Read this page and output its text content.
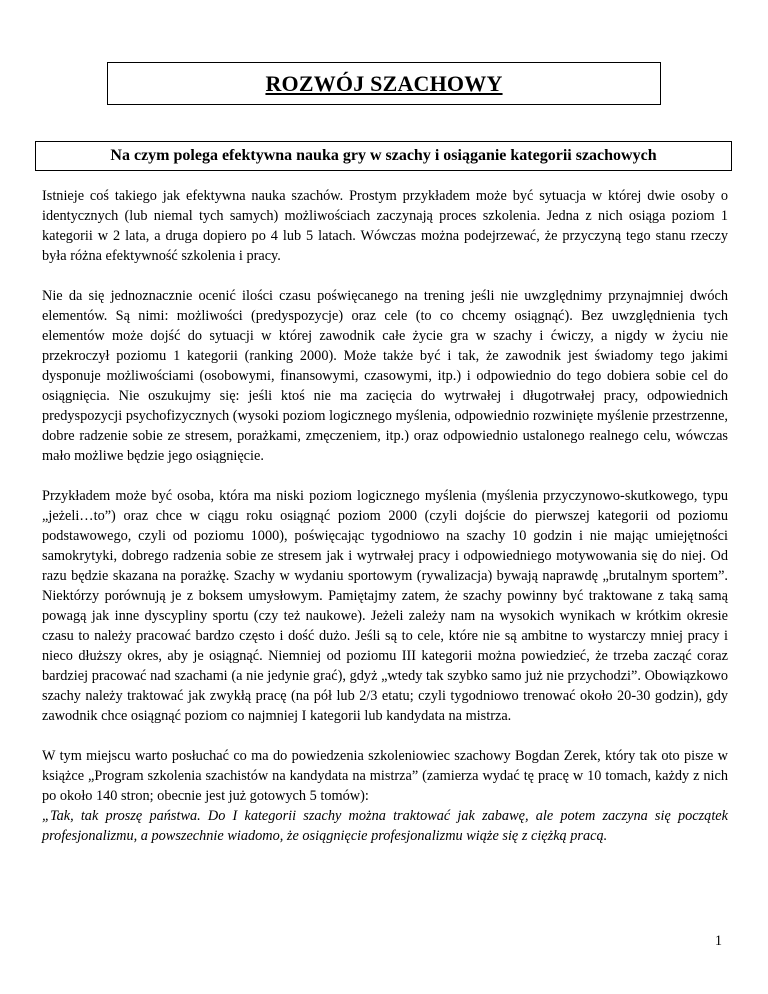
ROZWÓJ SZACHOWY
Na czym polega efektywna nauka gry w szachy i osiąganie kategorii szachowych

Istnieje coś takiego jak efektywna nauka szachów. Prostym przykładem może być sytuacja w której dwie osoby o identycznych (lub niemal tych samych) możliwościach zaczynają proces szkolenia. Jedna z nich osiąga poziom 1 kategorii w 2 lata, a druga dopiero po 4 lub 5 latach. Wówczas można podejrzewać, że przyczyną tego stanu rzeczy była różna efektywność szkolenia i pracy.

Nie da się jednoznacznie ocenić ilości czasu poświęcanego na trening jeśli nie uwzględnimy przynajmniej dwóch elementów. Są nimi: możliwości (predyspozycje) oraz cele (to co chcemy osiągnąć). Bez uwzględnienia tych elementów może dojść do sytuacji w której zawodnik całe życie gra w szachy i ćwiczy, a nigdy w życiu nie przekroczył poziomu 1 kategorii (ranking 2000). Może także być i tak, że zawodnik jest świadomy tego jakimi dysponuje możliwościami (osobowymi, finansowymi, czasowymi, itp.) i odpowiednio do tego dobiera sobie cel do osiągnięcia. Nie oszukujmy się: jeśli ktoś nie ma zacięcia do wytrwałej i długotrwałej pracy, odpowiednich predyspozycji psychofizycznych (wysoki poziom logicznego myślenia, odpowiednio rozwinięte myślenie przestrzenne, dobre radzenie sobie ze stresem, porażkami, zmęczeniem, itp.) oraz odpowiednio ustalonego realnego celu, wówczas mało możliwe będzie jego osiągnięcie.

Przykładem może być osoba, która ma niski poziom logicznego myślenia (myślenia przyczynowo-skutkowego, typu „jeżeli…to”) oraz chce w ciągu roku osiągnąć poziom 2000 (czyli dojście do pierwszej kategorii od poziomu podstawowego, czyli od poziomu 1000), poświęcając tygodniowo na szachy 10 godzin i nie mając umiejętności samokrytyki, dobrego radzenia sobie ze stresem jak i wytrwałej pracy i odpowiedniego motywowania się do niej. Od razu będzie skazana na porażkę. Szachy w wydaniu sportowym (rywalizacja) bywają naprawdę „brutalnym sportem”. Niektórzy porównują je z boksem umysłowym. Pamiętajmy zatem, że szachy powinny być traktowane z taką samą powagą jak inne dyscypliny sportu (czy też naukowe). Jeżeli zależy nam na wysokich wynikach w krótkim okresie czasu to należy pracować bardzo często i dość dużo. Jeśli są to cele, które nie są ambitne to wystarczy mniej pracy i nieco dłuższy okres, aby je osiągnąć. Niemniej od poziomu III kategorii można powiedzieć, że trzeba zacząć coraz bardziej pracować nad szachami (a nie jedynie grać), gdyż „wtedy tak szybko samo już nie przychodzi”. Obowiązkowo szachy należy traktować jak zwykłą pracę (na pół lub 2/3 etatu; czyli tygodniowo trenować około 20-30 godzin), gdy zawodnik chce osiągnąć poziom co najmniej I kategorii lub kandydata na mistrza.

W tym miejscu warto posłuchać co ma do powiedzenia szkoleniowiec szachowy Bogdan Zerek, który tak oto pisze w książce „Program szkolenia szachistów na kandydata na mistrza” (zamierza wydać tę pracę w 10 tomach, każdy z nich po około 140 stron; obecnie jest już gotowych 5 tomów):

„Tak, tak proszę państwa. Do I kategorii szachy można traktować jak zabawę, ale potem zaczyna się początek profesjonalizmu, a powszechnie wiadomo, że osiągnięcie profesjonalizmu wiąże się z ciężką pracą.

1
